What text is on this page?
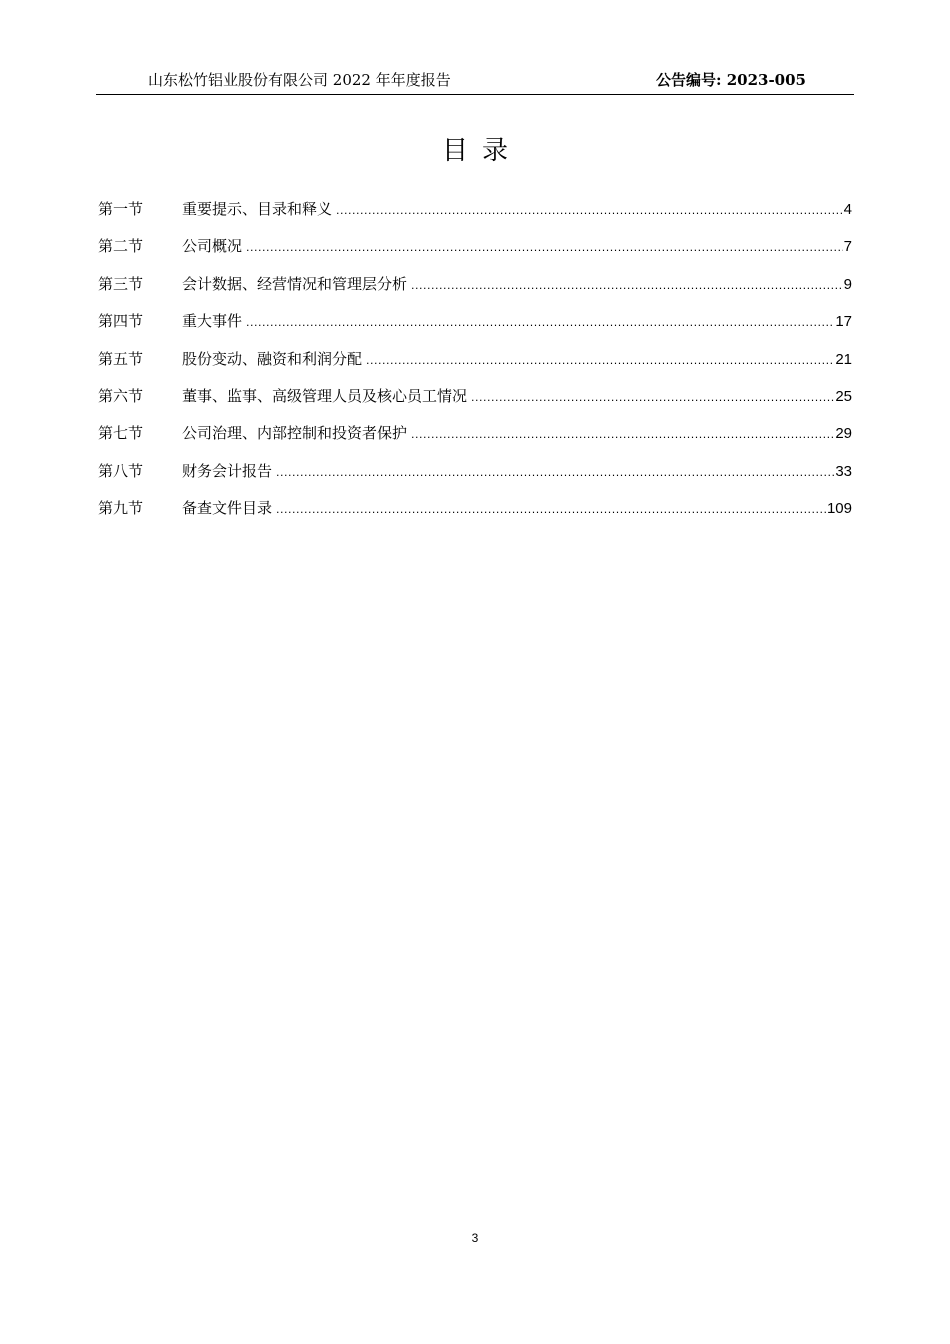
山东松竹铝业股份有限公司 2022 年年度报告	公告编号: 2023-005
目录
第一节	重要提示、目录和释义 .....	4
第二节	公司概况 .....	7
第三节	会计数据、经营情况和管理层分析 .....	9
第四节	重大事件 .....	17
第五节	股份变动、融资和利润分配 .....	21
第六节	董事、监事、高级管理人员及核心员工情况 .....	25
第七节	公司治理、内部控制和投资者保护 .....	29
第八节	财务会计报告 .....	33
第九节	备查文件目录 .....	109
3
